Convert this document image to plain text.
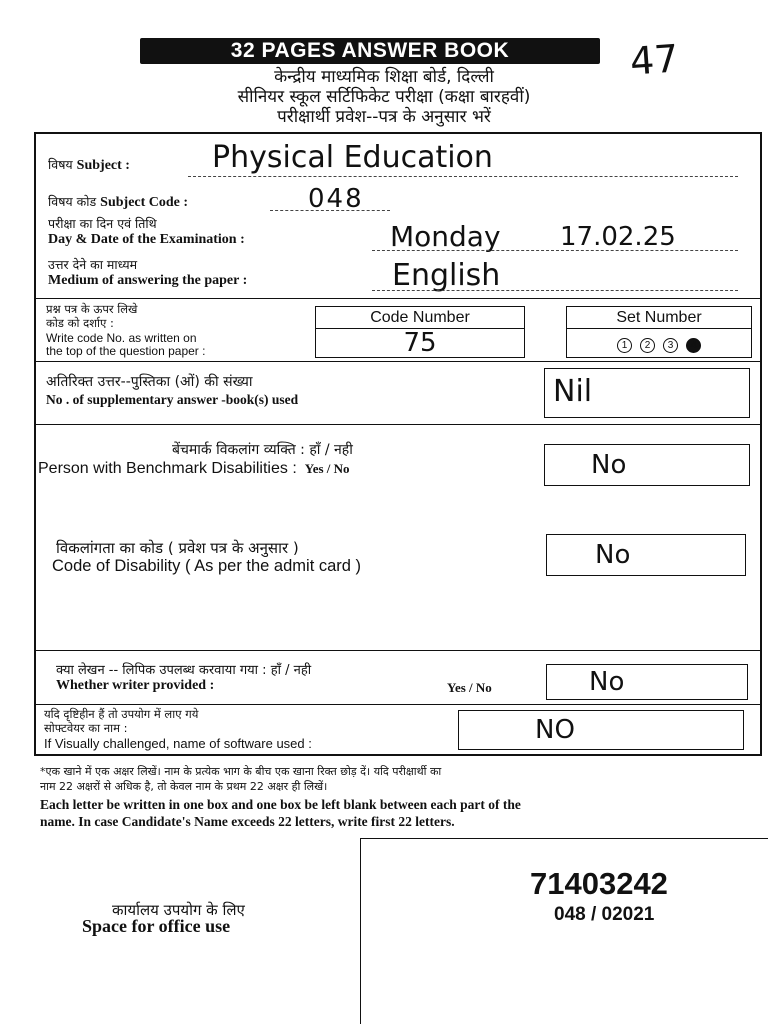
32 PAGES ANSWER BOOK	47
केन्द्रीय माध्यमिक शिक्षा बोर्ड, दिल्ली
सीनियर स्कूल सर्टिफिकेट परीक्षा (कक्षा बारहवीं)
परीक्षार्थी प्रवेश--पत्र के अनुसार भरें
विषय Subject :	Physical Education
विषय कोड Subject Code :	048
परीक्षा का दिन एवं तिथि
Day & Date of the Examination :	Monday 17.02.25
उत्तर देने का माध्यम
Medium of answering the paper :	English
प्रश्न पत्र के ऊपर लिखे
कोड को दर्शाए :
Write code No. as written on
the top of the question paper :
Code Number
75
Set Number
1 2 3 4
अतिरिक्त उत्तर--पुस्तिका (ओं) की संख्या
No . of supplementary answer -book(s) used	Nil
बेंचमार्क विकलांग व्यक्ति : हाँ / नही
Person with Benchmark Disabilities : Yes / No	No
विकलांगता का कोड ( प्रवेश पत्र के अनुसार )
Code of Disability ( As per the admit card )	No
क्या लेखन -- लिपिक उपलब्ध करवाया गया : हाँ / नही
Whether writer provided :	Yes / No	No
यदि दृष्टिहीन हैं तो उपयोग में लाए गये
सोफ्टवेयर का नाम :
If Visually challenged, name of software used :	NO
*एक खाने में एक अक्षर लिखें। नाम के प्रत्येक भाग के बीच एक खाना रिक्त छोड़ दें। यदि परीक्षार्थी का
नाम 22 अक्षरों से अधिक है, तो केवल नाम के प्रथम 22 अक्षर ही लिखें।
Each letter be written in one box and one box be left blank between each part of the
name. In case Candidate's Name exceeds 22 letters, write first 22 letters.
कार्यालय उपयोग के लिए
Space for office use
71403242
048 / 02021
